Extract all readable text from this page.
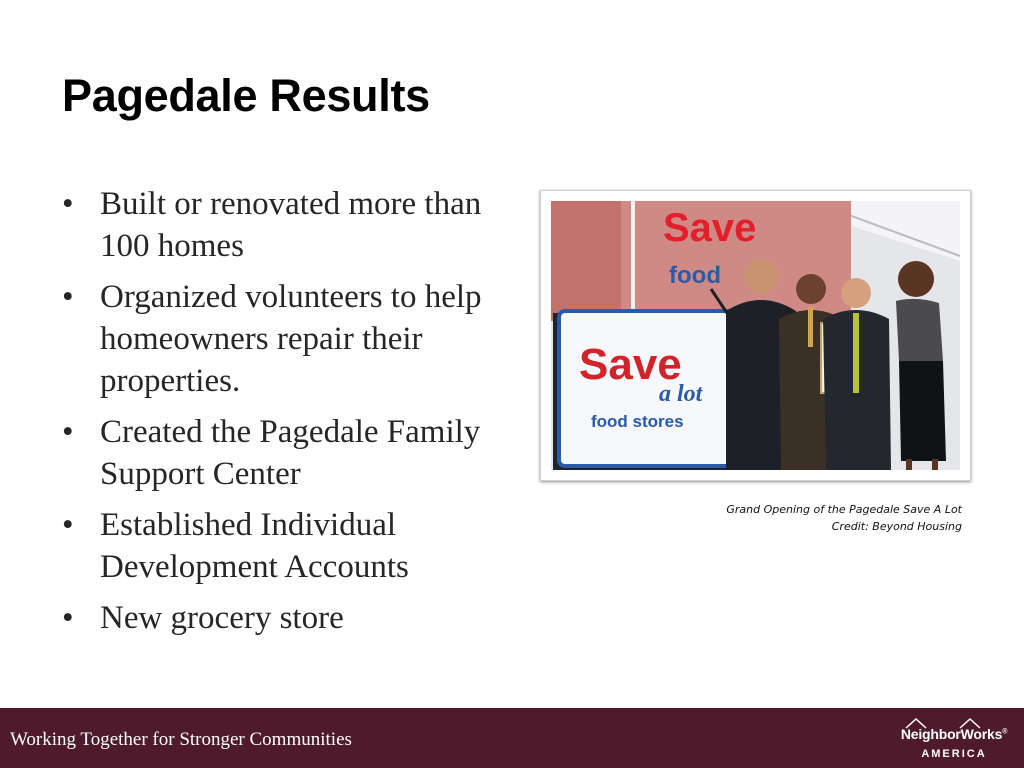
Pagedale Results
• Built or renovated more than 100 homes
• Organized volunteers to help homeowners repair their properties.
• Created the Pagedale Family Support Center
• Established Individual Development Accounts
• New grocery store
Save
food
Save
a lot
food stores
Grand Opening of the Pagedale Save A Lot
Credit: Beyond Housing
Working Together for Stronger Communities	NeighborWorks®
AMERICA
